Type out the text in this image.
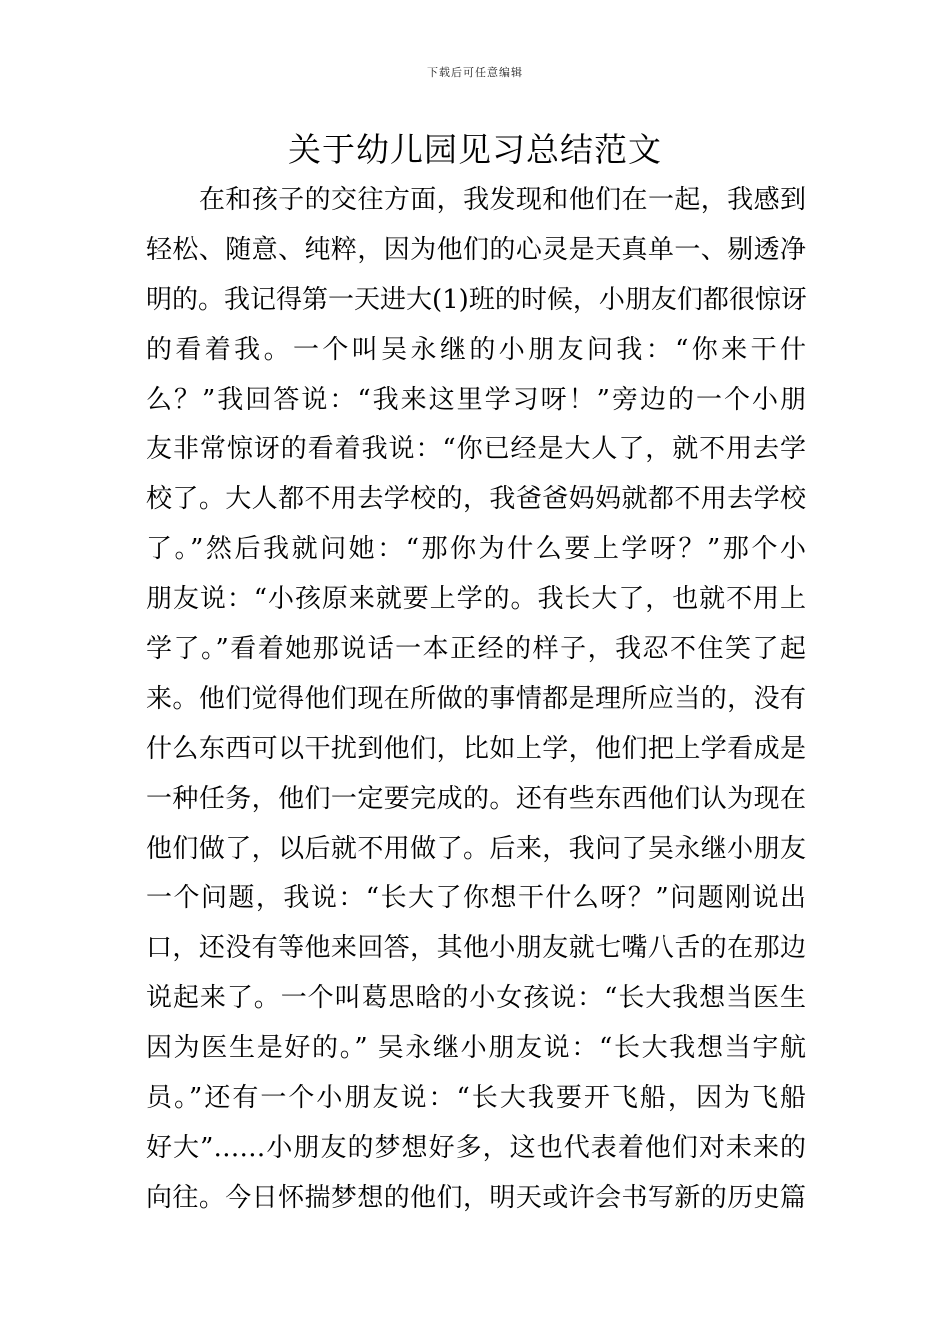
下载后可任意编辑
关于幼儿园见习总结范文
在和孩子的交往方面，我发现和他们在一起，我感到
轻松、随意、纯粹，因为他们的心灵是天真单一、剔透净
明的。我记得第一天进大(1)班的时候，小朋友们都很惊讶
的看着我。一个叫吴永继的小朋友问我：“你来干什
么？”我回答说：“我来这里学习呀！”旁边的一个小朋
友非常惊讶的看着我说：“你已经是大人了，就不用去学
校了。大人都不用去学校的，我爸爸妈妈就都不用去学校
了。”然后我就问她：“那你为什么要上学呀？”那个小
朋友说：“小孩原来就要上学的。我长大了，也就不用上
学了。”看着她那说话一本正经的样子，我忍不住笑了起
来。他们觉得他们现在所做的事情都是理所应当的，没有
什么东西可以干扰到他们，比如上学，他们把上学看成是
一种任务，他们一定要完成的。还有些东西他们认为现在
他们做了，以后就不用做了。后来，我问了吴永继小朋友
一个问题，我说：“长大了你想干什么呀？”问题刚说出
口，还没有等他来回答，其他小朋友就七嘴八舌的在那边
说起来了。一个叫葛思晗的小女孩说：“长大我想当医生
因为医生是好的。” 吴永继小朋友说：“长大我想当宇航
员。”还有一个小朋友说：“长大我要开飞船，因为飞船
好大”……小朋友的梦想好多，这也代表着他们对未来的
向往。今日怀揣梦想的他们，明天或许会书写新的历史篇
